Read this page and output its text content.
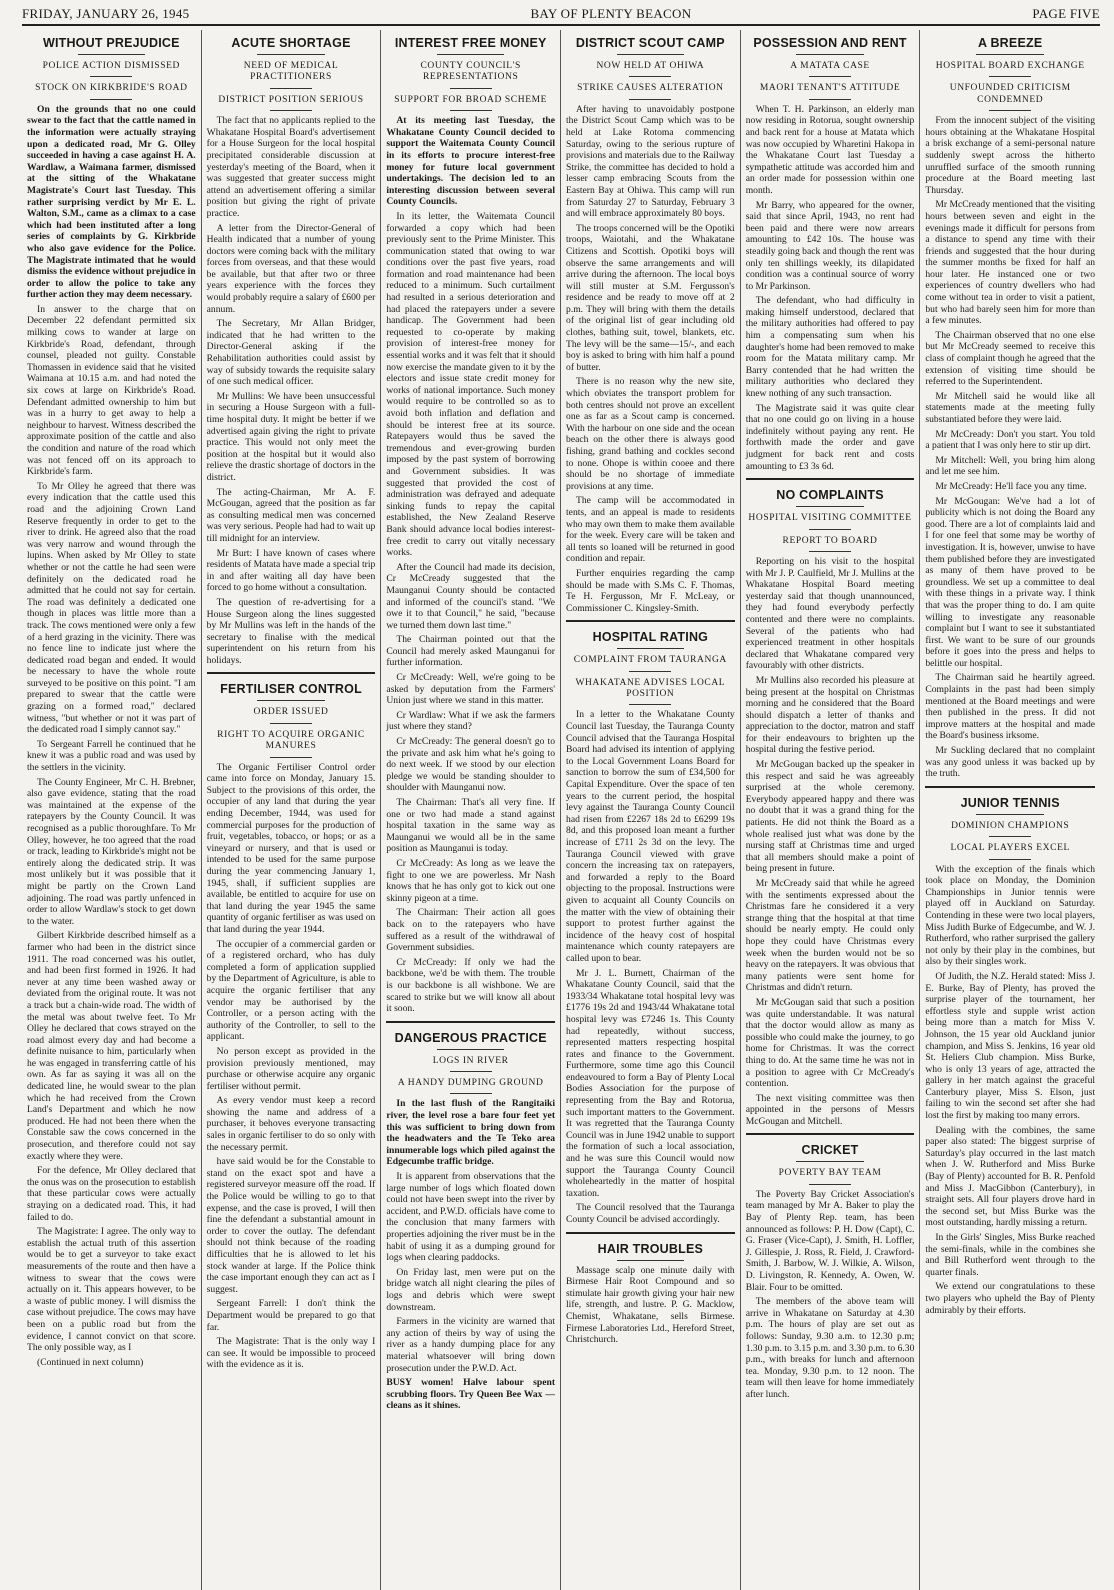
FRIDAY, JANUARY 26, 1945	BAY OF PLENTY BEACON	PAGE FIVE
WITHOUT PREJUDICE
POLICE ACTION DISMISSED
STOCK ON KIRKBRIDE'S ROAD

On the grounds that no one could swear to the fact that the cattle named in the information were actually straying upon a dedicated road, Mr G. Olley succeeded in having a case against H. A. Wardlaw, a Waimana farmer, dismissed at the sitting of the Whakatane Magistrate's Court last Tuesday. This rather surprising verdict by Mr E. L. Walton, S.M., came as a climax to a case which had been instituted after a long series of complaints by G. Kirkbride who also gave evidence for the Police. The Magistrate intimated that he would dismiss the evidence without prejudice in order to allow the police to take any further action they may deem necessary.

In answer to the charge that on December 22 defendant permitted six milking cows to wander at large on Kirkbride's Road, defendant, through counsel, pleaded not guilty. Constable Thomassen in evidence said that he visited Waimana at 10.15 a.m. and had noted the six cows at large on Kirkbride's Road. Defendant admitted ownership to him but was in a hurry to get away to help a neighbour to harvest. Witness described the approximate position of the cattle and also the condition and nature of the road which was not fenced off on its approach to Kirkbride's farm.

To Mr Olley he agreed that there was every indication that the cattle used this road and the adjoining Crown Land Reserve frequently in order to get to the river to drink. He agreed also that the road was very narrow and wound through the lupins. When asked by Mr Olley to state whether or not the cattle he had seen were definitely on the dedicated road he admitted that he could not say for certain. The road was definitely a dedicated one though in places was little more than a track. The cows mentioned were only a few of a herd grazing in the vicinity. There was no fence line to indicate just where the dedicated road began and ended. It would be necessary to have the whole route surveyed to be positive on this point. "I am prepared to swear that the cattle were grazing on a formed road," declared witness, "but whether or not it was part of the dedicated road I simply cannot say."

To Sergeant Farrell he continued that he knew it was a public road and was used by the settlers in the vicinity.

The County Engineer, Mr C. H. Brebner, also gave evidence, stating that the road was maintained at the expense of the ratepayers by the County Council. It was recognised as a public thoroughfare. To Mr Olley, however, he too agreed that the road or track, leading to Kirkbride's might not be entirely along the dedicated strip. It was most unlikely but it was possible that it might be partly on the Crown Land adjoining. The road was partly unfenced in order to allow Wardlaw's stock to get down to the water.

Gilbert Kirkbride described himself as a farmer who had been in the district since 1911. The road concerned was his outlet, and had been first formed in 1926. It had never at any time been washed away or deviated from the original route. It was not a track but a chain-wide road. The width of the metal was about twelve feet. To Mr Olley he declared that cows strayed on the road almost every day and had become a definite nuisance to him, particularly when he was engaged in transferring cattle of his own. As far as saying it was all on the dedicated line, he would swear to the plan which he had received from the Crown Land's Department and which he now produced. He had not been there when the Constable saw the cows concerned in the prosecution, and therefore could not say exactly where they were.

For the defence, Mr Olley declared that the onus was on the prosecution to establish that these particular cows were actually straying on a dedicated road. This, it had failed to do.

The Magistrate: I agree. The only way to establish the actual truth of this assertion would be to get a surveyor to take exact measurements of the route and then have a witness to swear that the cows were actually on it. This appears however, to be a waste of public money. I will dismiss the case without prejudice. The cows may have been on a public road but from the evidence, I cannot convict on that score. The only possible way, as I

(Continued in next column)

ACUTE SHORTAGE
NEED OF MEDICAL PRACTITIONERS
DISTRICT POSITION SERIOUS

The fact that no applicants replied to the Whakatane Hospital Board's advertisement for a House Surgeon for the local hospital precipitated considerable discussion at yesterday's meeting of the Board, when it was suggested that greater success might attend an advertisement offering a similar position but giving the right of private practice.

A letter from the Director-General of Health indicated that a number of young doctors were coming back with the military forces from overseas, and that these would be available, but that after two or three years experience with the forces they would probably require a salary of £600 per annum.

The Secretary, Mr Allan Bridger, indicated that he had written to the Director-General asking if the Rehabilitation authorities could assist by way of subsidy towards the requisite salary of one such medical officer.

Mr Mullins: We have been unsuccessful in securing a House Surgeon with a full-time hospital duty. It might be better if we advertised again giving the right to private practice. This would not only meet the position at the hospital but it would also relieve the drastic shortage of doctors in the district.

The acting-Chairman, Mr A. F. McGougan, agreed that the position as far as consulting medical men was concerned was very serious. People had had to wait up till midnight for an interview.

Mr Burt: I have known of cases where residents of Matata have made a special trip in and after waiting all day have been forced to go home without a consultation.

The question of re-advertising for a House Surgeon along the lines suggested by Mr Mullins was left in the hands of the secretary to finalise with the medical superintendent on his return from his holidays.

FERTILISER CONTROL
ORDER ISSUED
RIGHT TO ACQUIRE ORGANIC MANURES

The Organic Fertiliser Control order came into force on Monday, January 15. Subject to the provisions of this order, the occupier of any land that during the year ending December, 1944, was used for commercial purposes for the production of fruit, vegetables, tobacco, or hops; or as a vineyard or nursery, and that is used or intended to be used for the same purpose during the year commencing January 1, 1945, shall, if sufficient supplies are available, be entitled to acquire for use on that land during the year 1945 the same quantity of organic fertiliser as was used on that land during the year 1944.

The occupier of a commercial garden or of a registered orchard, who has duly completed a form of application supplied by the Department of Agriculture, is able to acquire the organic fertiliser that any vendor may be authorised by the Controller, or a person acting with the authority of the Controller, to sell to the applicant.

No person except as provided in the provision previously mentioned, may purchase or otherwise acquire any organic fertiliser without permit.

As every vendor must keep a record showing the name and address of a purchaser, it behoves everyone transacting sales in organic fertiliser to do so only with the necessary permit.

have said would be for the Constable to stand on the exact spot and have a registered surveyor measure off the road. If the Police would be willing to go to that expense, and the case is proved, I will then fine the defendant a substantial amount in order to cover the outlay. The defendant should not think because of the roading difficulties that he is allowed to let his stock wander at large. If the Police think the case important enough they can act as I suggest.

Sergeant Farrell: I don't think the Department would be prepared to go that far.

The Magistrate: That is the only way I can see. It would be impossible to proceed with the evidence as it is.

INTEREST FREE MONEY
COUNTY COUNCIL'S REPRESENTATIONS
SUPPORT FOR BROAD SCHEME

At its meeting last Tuesday, the Whakatane County Council decided to support the Waitemata County Council in its efforts to procure interest-free money for future local government undertakings. The decision led to an interesting discussion between several County Councils.

In its letter, the Waitemata Council forwarded a copy which had been previously sent to the Prime Minister. This communication stated that owing to war conditions over the past five years, road formation and road maintenance had been reduced to a minimum. Such curtailment had resulted in a serious deterioration and had placed the ratepayers under a severe handicap. The Government had been requested to co-operate by making provision of interest-free money for essential works and it was felt that it should now exercise the mandate given to it by the electors and issue state credit money for works of national importance. Such money would require to be controlled so as to avoid both inflation and deflation and should be interest free at its source. Ratepayers would thus be saved the tremendous and ever-growing burden imposed by the past system of borrowing and Government subsidies. It was suggested that provided the cost of administration was defrayed and adequate sinking funds to repay the capital established, the New Zealand Reserve Bank should advance local bodies interest-free credit to carry out vitally necessary works.

After the Council had made its decision, Cr McCready suggested that the Maunganui County should be contacted and informed of the council's stand. "We owe it to that Council," he said, "because we turned them down last time."

The Chairman pointed out that the Council had merely asked Maunganui for further information.

Cr McCready: Well, we're going to be asked by deputation from the Farmers' Union just where we stand in this matter.

Cr Wardlaw: What if we ask the farmers just where they stand?

Cr McCready: The general doesn't go to the private and ask him what he's going to do next week. If we stood by our election pledge we would be standing shoulder to shoulder with Maunganui now.

The Chairman: That's all very fine. If one or two had made a stand against hospital taxation in the same way as Maunganui we would all be in the same position as Maunganui is today.

Cr McCready: As long as we leave the fight to one we are powerless. Mr Nash knows that he has only got to kick out one skinny pigeon at a time.

The Chairman: Their action all goes back on to the ratepayers who have suffered as a result of the withdrawal of Government subsidies.

Cr McCready: If only we had the backbone, we'd be with them. The trouble is our backbone is all wishbone. We are scared to strike but we will know all about it soon.

DANGEROUS PRACTICE
LOGS IN RIVER
A HANDY DUMPING GROUND

In the last flush of the Rangitaiki river, the level rose a bare four feet yet this was sufficient to bring down from the headwaters and the Te Teko area innumerable logs which piled against the Edgecumbe traffic bridge.

It is apparent from observations that the large number of logs which floated down could not have been swept into the river by accident, and P.W.D. officials have come to the conclusion that many farmers with properties adjoining the river must be in the habit of using it as a dumping ground for logs when clearing paddocks.

On Friday last, men were put on the bridge watch all night clearing the piles of logs and debris which were swept downstream.

Farmers in the vicinity are warned that any action of theirs by way of using the river as a handy dumping place for any material whatsoever will bring down prosecution under the P.W.D. Act.

BUSY women! Halve labour spent scrubbing floors. Try Queen Bee Wax —cleans as it shines.

DISTRICT SCOUT CAMP
NOW HELD AT OHIWA
STRIKE CAUSES ALTERATION

After having to unavoidably postpone the District Scout Camp which was to be held at Lake Rotoma commencing Saturday, owing to the serious rupture of provisions and materials due to the Railway Strike, the committee has decided to hold a lesser camp embracing Scouts from the Eastern Bay at Ohiwa. This camp will run from Saturday 27 to Saturday, February 3 and will embrace approximately 80 boys.

The troops concerned will be the Opotiki troops, Waiotahi, and the Whakatane Citizens and Scottish. Opotiki boys will observe the same arrangements and will arrive during the afternoon. The local boys will still muster at S.M. Fergusson's residence and be ready to move off at 2 p.m. They will bring with them the details of the original list of gear including old clothes, bathing suit, towel, blankets, etc. The levy will be the same—15/-, and each boy is asked to bring with him half a pound of butter.

There is no reason why the new site, which obviates the transport problem for both centres should not prove an excellent one as far as a Scout camp is concerned. With the harbour on one side and the ocean beach on the other there is always good fishing, grand bathing and cockles second to none. Ohope is within cooee and there should be no shortage of immediate provisions at any time.

The camp will be accommodated in tents, and an appeal is made to residents who may own them to make them available for the week. Every care will be taken and all tents so loaned will be returned in good condition and repair.

Further enquiries regarding the camp should be made with S.Ms C. F. Thomas, Te H. Fergusson, Mr F. McLeay, or Commissioner C. Kingsley-Smith.

HOSPITAL RATING
COMPLAINT FROM TAURANGA
WHAKATANE ADVISES LOCAL POSITION

In a letter to the Whakatane County Council last Tuesday, the Tauranga County Council advised that the Tauranga Hospital Board had advised its intention of applying to the Local Government Loans Board for sanction to borrow the sum of £34,500 for Capital Expenditure. Over the space of ten years to the current period, the hospital levy against the Tauranga County Council had risen from £2267 18s 2d to £6299 19s 8d, and this proposed loan meant a further increase of £711 2s 3d on the levy. The Tauranga Council viewed with grave concern the increasing tax on ratepayers, and forwarded a reply to the Board objecting to the proposal. Instructions were given to acquaint all County Councils on the matter with the view of obtaining their support to protest further against the incidence of the heavy cost of hospital maintenance which county ratepayers are called upon to bear.

Mr J. L. Burnett, Chairman of the Whakatane County Council, said that the 1933/34 Whakatane total hospital levy was £1776 19s 2d and 1943/44 Whakatane total hospital levy was £7246 1s. This County had repeatedly, without success, represented matters respecting hospital rates and finance to the Government. Furthermore, some time ago this Council endeavoured to form a Bay of Plenty Local Bodies Association for the purpose of representing from the Bay and Rotorua, such important matters to the Government. It was regretted that the Tauranga County Council was in June 1942 unable to support the formation of such a local association, and he was sure this Council would now support the Tauranga County Council wholeheartedly in the matter of hospital taxation.

The Council resolved that the Tauranga County Council be advised accordingly.

HAIR TROUBLES

Massage scalp one minute daily with Birmese Hair Root Compound and so stimulate hair growth giving your hair new life, strength, and lustre. P. G. Macklow, Chemist, Whakatane, sells Birmese. Firmese Laboratories Ltd., Hereford Street, Christchurch.

POSSESSION AND RENT
A MATATA CASE
MAORI TENANT'S ATTITUDE

When T. H. Parkinson, an elderly man now residing in Rotorua, sought ownership and back rent for a house at Matata which was now occupied by Wharetini Hakopa in the Whakatane Court last Tuesday a sympathetic attitude was accorded him and an order made for possession within one month.

Mr Barry, who appeared for the owner, said that since April, 1943, no rent had been paid and there were now arrears amounting to £42 10s. The house was steadily going back and though the rent was only ten shillings weekly, its dilapidated condition was a continual source of worry to Mr Parkinson.

The defendant, who had difficulty in making himself understood, declared that the military authorities had offered to pay him a compensating sum when his daughter's home had been removed to make room for the Matata military camp. Mr Barry contended that he had written the military authorities who declared they knew nothing of any such transaction.

The Magistrate said it was quite clear that no one could go on living in a house indefinitely without paying any rent. He forthwith made the order and gave judgment for back rent and costs amounting to £3 3s 6d.

NO COMPLAINTS
HOSPITAL VISITING COMMITTEE
REPORT TO BOARD

Reporting on his visit to the hospital with Mr J. P. Caulfield, Mr J. Mullins at the Whakatane Hospital Board meeting yesterday said that though unannounced, they had found everybody perfectly contented and there were no complaints. Several of the patients who had experienced treatment in other hospitals declared that Whakatane compared very favourably with other districts.

Mr Mullins also recorded his pleasure at being present at the hospital on Christmas morning and he considered that the Board should dispatch a letter of thanks and appreciation to the doctor, matron and staff for their endeavours to brighten up the hospital during the festive period.

Mr McGougan backed up the speaker in this respect and said he was agreeably surprised at the whole ceremony. Everybody appeared happy and there was no doubt that it was a grand thing for the patients. He did not think the Board as a whole realised just what was done by the nursing staff at Christmas time and urged that all members should make a point of being present in future.

Mr McCready said that while he agreed with the sentiments expressed about the Christmas fare he considered it a very strange thing that the hospital at that time should be nearly empty. He could only hope they could have Christmas every week when the burden would not be so heavy on the ratepayers. It was obvious that many patients were sent home for Christmas and didn't return.

Mr McGougan said that such a position was quite understandable. It was natural that the doctor would allow as many as possible who could make the journey, to go home for Christmas. It was the correct thing to do. At the same time he was not in a position to agree with Cr McCready's contention.

The next visiting committee was then appointed in the persons of Messrs McGougan and Mitchell.

CRICKET
POVERTY BAY TEAM

The Poverty Bay Cricket Association's team managed by Mr A. Baker to play the Bay of Plenty Rep. team, has been announced as follows: P. H. Dow (Capt), C. G. Fraser (Vice-Capt), J. Smith, H. Loffler, J. Gillespie, J. Ross, R. Field, J. Crawford-Smith, J. Barbow, W. J. Wilkie, A. Wilson, D. Livingston, R. Kennedy, A. Owen, W. Blair. Four to be omitted.

The members of the above team will arrive in Whakatane on Saturday at 4.30 p.m. The hours of play are set out as follows: Sunday, 9.30 a.m. to 12.30 p.m; 1.30 p.m. to 3.15 p.m. and 3.30 p.m. to 6.30 p.m., with breaks for lunch and afternoon tea. Monday, 9.30 p.m. to 12 noon. The team will then leave for home immediately after lunch.

A BREEZE
HOSPITAL BOARD EXCHANGE
UNFOUNDED CRITICISM CONDEMNED

From the innocent subject of the visiting hours obtaining at the Whakatane Hospital a brisk exchange of a semi-personal nature suddenly swept across the hitherto unruffled surface of the smooth running procedure at the Board meeting last Thursday.

Mr McCready mentioned that the visiting hours between seven and eight in the evenings made it difficult for persons from a distance to spend any time with their friends and suggested that the hour during the summer months be fixed for half an hour later. He instanced one or two experiences of country dwellers who had come without tea in order to visit a patient, but who had barely seen him for more than a few minutes.

The Chairman observed that no one else but Mr McCready seemed to receive this class of complaint though he agreed that the extension of visiting time should be referred to the Superintendent.

Mr Mitchell said he would like all statements made at the meeting fully substantiated before they were laid.

Mr McCready: Don't you start. You told a patient that I was only here to stir up dirt.

Mr Mitchell: Well, you bring him along and let me see him.

Mr McCready: He'll face you any time.

Mr McGougan: We've had a lot of publicity which is not doing the Board any good. There are a lot of complaints laid and I for one feel that some may be worthy of investigation. It is, however, unwise to have them published before they are investigated as many of them have proved to be groundless. We set up a committee to deal with these things in a private way. I think that was the proper thing to do. I am quite willing to investigate any reasonable complaint but I want to see it substantiated first. We want to be sure of our grounds before it goes into the press and helps to belittle our hospital.

The Chairman said he heartily agreed. Complaints in the past had been simply mentioned at the Board meetings and were then published in the press. It did not improve matters at the hospital and made the Board's business irksome.

Mr Suckling declared that no complaint was any good unless it was backed up by the truth.

JUNIOR TENNIS
DOMINION CHAMPIONS
LOCAL PLAYERS EXCEL

With the exception of the finals which took place on Monday, the Dominion Championships in Junior tennis were played off in Auckland on Saturday. Contending in these were two local players, Miss Judith Burke of Edgecumbe, and W. J. Rutherford, who rather surprised the gallery not only by their play in the combines, but also by their singles work.

Of Judith, the N.Z. Herald stated: Miss J. E. Burke, Bay of Plenty, has proved the surprise player of the tournament, her effortless style and supple wrist action being more than a match for Miss V. Johnson, the 15 year old Auckland junior champion, and Miss S. Jenkins, 16 year old St. Heliers Club champion. Miss Burke, who is only 13 years of age, attracted the gallery in her match against the graceful Canterbury player, Miss S. Elson, just failing to win the second set after she had lost the first by making too many errors.

Dealing with the combines, the same paper also stated: The biggest surprise of Saturday's play occurred in the last match when J. W. Rutherford and Miss Burke (Bay of Plenty) accounted for B. R. Penfold and Miss J. MacGibbon (Canterbury), in straight sets. All four players drove hard in the second set, but Miss Burke was the most outstanding, hardly missing a return.

In the Girls' Singles, Miss Burke reached the semi-finals, while in the combines she and Bill Rutherford went through to the quarter finals.

We extend our congratulations to these two players who upheld the Bay of Plenty admirably by their efforts.
